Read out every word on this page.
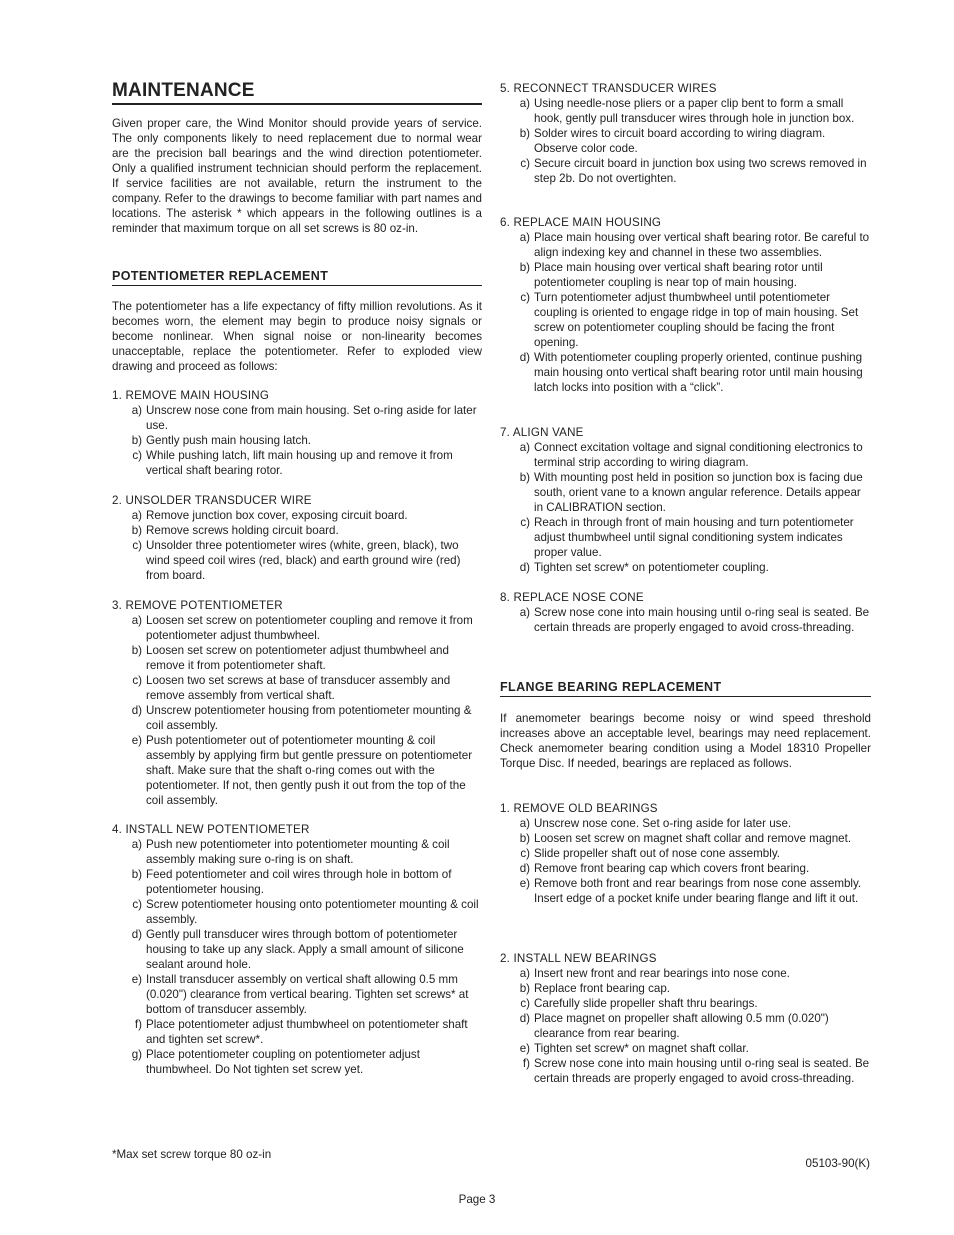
MAINTENANCE
Given proper care, the Wind Monitor should provide years of service. The only components likely to need replacement due to normal wear are the precision ball bearings and the wind direction potentiometer. Only a qualified instrument technician should perform the replacement. If service facilities are not available, return the instrument to the company. Refer to the drawings to become familiar with part names and locations. The asterisk * which appears in the following outlines is a reminder that maximum torque on all set screws is 80 oz-in.
POTENTIOMETER REPLACEMENT
The potentiometer has a life expectancy of fifty million revolutions. As it becomes worn, the element may begin to produce noisy signals or become nonlinear. When signal noise or non-linearity becomes unacceptable, replace the potentiometer. Refer to exploded view drawing and proceed as follows:
1. REMOVE MAIN HOUSING
a) Unscrew nose cone from main housing. Set o-ring aside for later use.
b) Gently push main housing latch.
c) While pushing latch, lift main housing up and remove it from vertical shaft bearing rotor.
2. UNSOLDER TRANSDUCER WIRE
a) Remove junction box cover, exposing circuit board.
b) Remove screws holding circuit board.
c) Unsolder three potentiometer wires (white, green, black), two wind speed coil wires (red, black) and earth ground wire (red) from board.
3. REMOVE POTENTIOMETER
a) Loosen set screw on potentiometer coupling and remove it from potentiometer adjust thumbwheel.
b) Loosen set screw on potentiometer adjust thumbwheel and remove it from potentiometer shaft.
c) Loosen two set screws at base of transducer assembly and remove assembly from vertical shaft.
d) Unscrew potentiometer housing from potentiometer mounting & coil assembly.
e) Push potentiometer out of potentiometer mounting & coil assembly by applying firm but gentle pressure on potentiometer shaft. Make sure that the shaft o-ring comes out with the potentiometer. If not, then gently push it out from the top of the coil assembly.
4. INSTALL NEW POTENTIOMETER
a) Push new potentiometer into potentiometer mounting & coil assembly making sure o-ring is on shaft.
b) Feed potentiometer and coil wires through hole in bottom of potentiometer housing.
c) Screw potentiometer housing onto potentiometer mounting & coil assembly.
d) Gently pull transducer wires through bottom of potentiometer housing to take up any slack. Apply a small amount of silicone sealant around hole.
e) Install transducer assembly on vertical shaft allowing 0.5 mm (0.020") clearance from vertical bearing. Tighten set screws* at bottom of transducer assembly.
f) Place potentiometer adjust thumbwheel on potentiometer shaft and tighten set screw*.
g) Place potentiometer coupling on potentiometer adjust thumbwheel. Do Not tighten set screw yet.
5. RECONNECT TRANSDUCER WIRES
a) Using needle-nose pliers or a paper clip bent to form a small hook, gently pull transducer wires through hole in junction box.
b) Solder wires to circuit board according to wiring diagram. Observe color code.
c) Secure circuit board in junction box using two screws removed in step 2b. Do not overtighten.
6. REPLACE MAIN HOUSING
a) Place main housing over vertical shaft bearing rotor. Be careful to align indexing key and channel in these two assemblies.
b) Place main housing over vertical shaft bearing rotor until potentiometer coupling is near top of main housing.
c) Turn potentiometer adjust thumbwheel until potentiometer coupling is oriented to engage ridge in top of main housing. Set screw on potentiometer coupling should be facing the front opening.
d) With potentiometer coupling properly oriented, continue pushing main housing onto vertical shaft bearing rotor until main housing latch locks into position with a “click”.
7. ALIGN VANE
a) Connect excitation voltage and signal conditioning electronics to terminal strip according to wiring diagram.
b) With mounting post held in position so junction box is facing due south, orient vane to a known angular reference. Details appear in CALIBRATION section.
c) Reach in through front of main housing and turn potentiometer adjust thumbwheel until signal conditioning system indicates proper value.
d) Tighten set screw* on potentiometer coupling.
8. REPLACE NOSE CONE
a) Screw nose cone into main housing until o-ring seal is seated. Be certain threads are properly engaged to avoid cross-threading.
FLANGE BEARING REPLACEMENT
If anemometer bearings become noisy or wind speed threshold increases above an acceptable level, bearings may need replacement. Check anemometer bearing condition using a Model 18310 Propeller Torque Disc. If needed, bearings are replaced as follows.
1. REMOVE OLD BEARINGS
a) Unscrew nose cone. Set o-ring aside for later use.
b) Loosen set screw on magnet shaft collar and remove magnet.
c) Slide propeller shaft out of nose cone assembly.
d) Remove front bearing cap which covers front bearing.
e) Remove both front and rear bearings from nose cone assembly. Insert edge of a pocket knife under bearing flange and lift it out.
2. INSTALL NEW BEARINGS
a) Insert new front and rear bearings into nose cone.
b) Replace front bearing cap.
c) Carefully slide propeller shaft thru bearings.
d) Place magnet on propeller shaft allowing 0.5 mm (0.020") clearance from rear bearing.
e) Tighten set screw* on magnet shaft collar.
f) Screw nose cone into main housing until o-ring seal is seated. Be certain threads are properly engaged to avoid cross-threading.
*Max set screw torque 80 oz-in
05103-90(K)
Page 3
